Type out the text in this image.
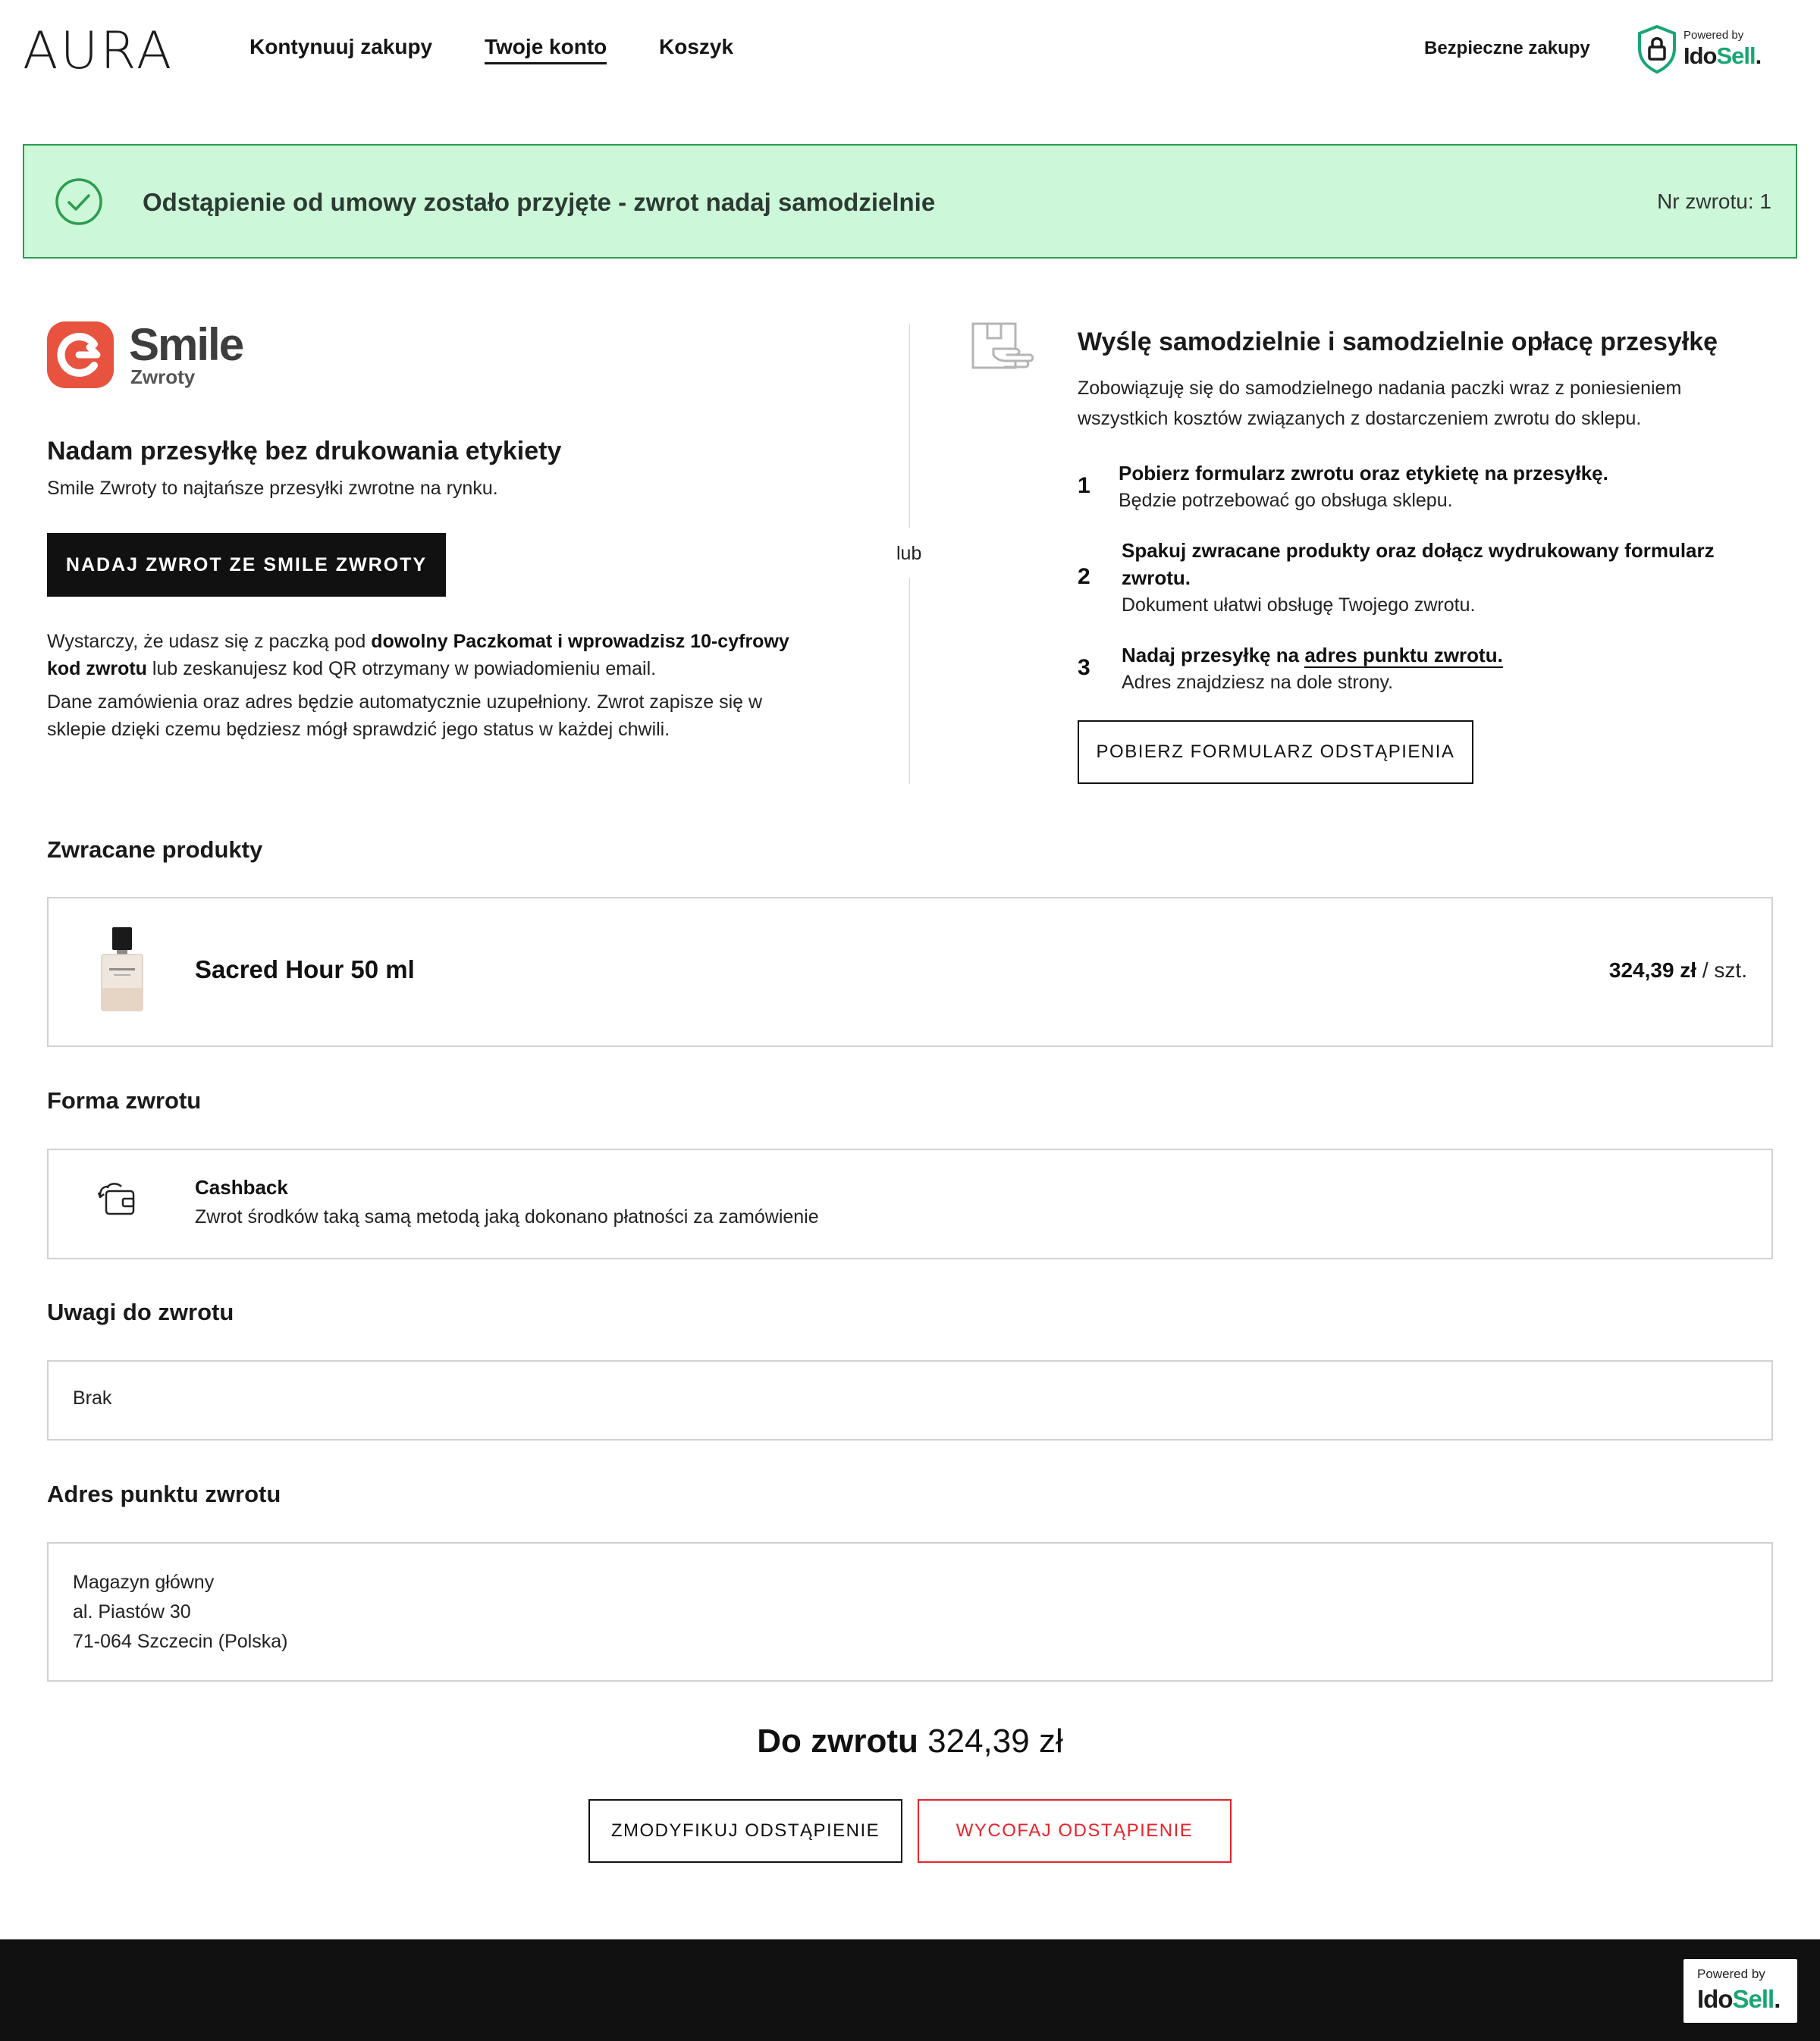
AURA	Kontynuuj zakupy Twoje konto Koszyk	Bezpieczne zakupy
Powered by
IdoSell.
Odstąpienie od umowy zostało przyjęte - zwrot nadaj samodzielnie	Nr zwrotu: 1
Smile
Zwroty
Nadam przesyłkę bez drukowania etykiety
Smile Zwroty to najtańsze przesyłki zwrotne na rynku.
NADAJ ZWROT ZE SMILE ZWROTY
Wystarczy, że udasz się z paczką pod dowolny Paczkomat i wprowadzisz 10-cyfrowy kod zwrotu lub zeskanujesz kod QR otrzymany w powiadomieniu email.
Dane zamówienia oraz adres będzie automatycznie uzupełniony. Zwrot zapisze się w sklepie dzięki czemu będziesz mógł sprawdzić jego status w każdej chwili.
lub
Wyślę samodzielnie i samodzielnie opłacę przesyłkę
Zobowiązuję się do samodzielnego nadania paczki wraz z poniesieniem wszystkich kosztów związanych z dostarczeniem zwrotu do sklepu.
1 Pobierz formularz zwrotu oraz etykietę na przesyłkę.
Będzie potrzebować go obsługa sklepu.
2
Spakuj zwracane produkty oraz dołącz wydrukowany formularz zwrotu.
Dokument ułatwi obsługę Twojego zwrotu.
3 Nadaj przesyłkę na adres punktu zwrotu.
Adres znajdziesz na dole strony.
POBIERZ FORMULARZ ODSTĄPIENIA
Zwracane produkty
Sacred Hour 50 ml	324,39 zł / szt.
Forma zwrotu
Cashback
Zwrot środków taką samą metodą jaką dokonano płatności za zamówienie
Uwagi do zwrotu
Brak
Adres punktu zwrotu
Magazyn główny
al. Piastów 30
71-064 Szczecin (Polska)
Do zwrotu 324,39 zł
ZMODYFIKUJ ODSTĄPIENIE	WYCOFAJ ODSTĄPIENIE
Powered by
IdoSell.
